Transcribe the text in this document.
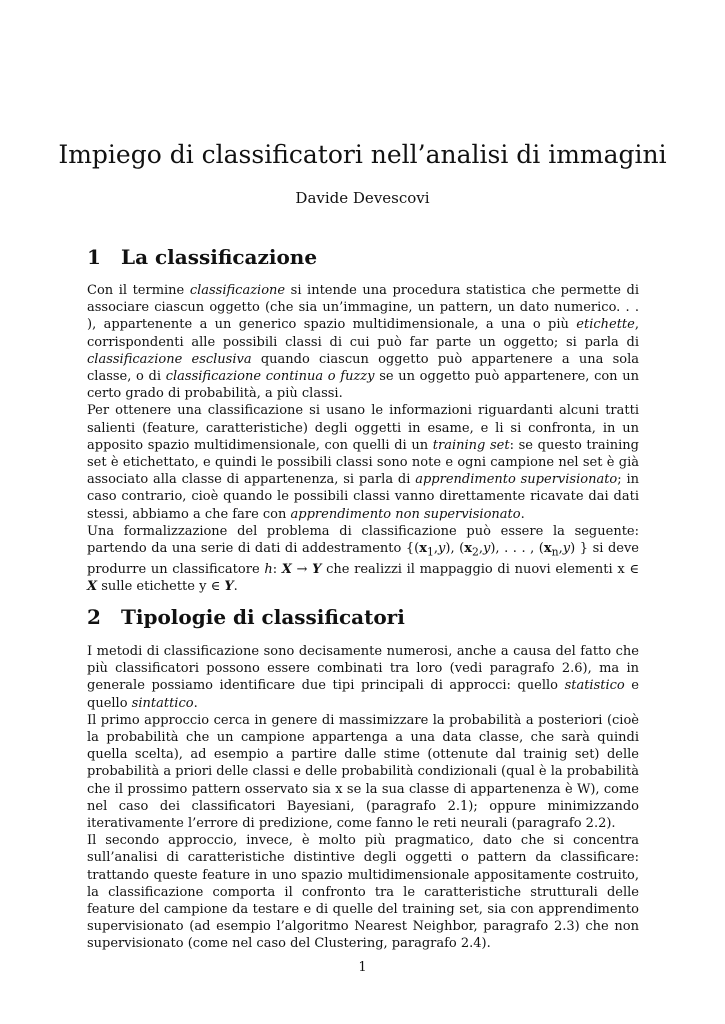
Impiego di classificatori nell’analisi di immagini
Davide Devescovi
1 La classificazione

Con il termine classificazione si intende una procedura statistica che permette di associare ciascun oggetto (che sia un’immagine, un pattern, un dato numerico. . . ), appartenente a un generico spazio multidimensionale, a una o più etichette, corrispondenti alle possibili classi di cui può far parte un oggetto; si parla di classificazione esclusiva quando ciascun oggetto può appartenere a una sola classe, o di classificazione continua o fuzzy se un oggetto può appartenere, con un certo grado di probabilità, a più classi.

Per ottenere una classificazione si usano le informazioni riguardanti alcuni tratti salienti (feature, caratteristiche) degli oggetti in esame, e li si confronta, in un apposito spazio multidimensionale, con quelli di un training set: se questo training set è etichettato, e quindi le possibili classi sono note e ogni campione nel set è già associato alla classe di appartenenza, si parla di apprendimento supervisionato; in caso contrario, cioè quando le possibili classi vanno direttamente ricavate dai dati stessi, abbiamo a che fare con apprendimento non supervisionato.

Una formalizzazione del problema di classificazione può essere la seguente: partendo da una serie di dati di addestramento {$(x_1,y)$, $(x_2,y)$, . . . , $(x_n,y)$ } si deve produrre un classificatore h: X → Y che realizzi il mappaggio di nuovi elementi x ∈ X sulle etichette y ∈ Y.

2 Tipologie di classificatori

I metodi di classificazione sono decisamente numerosi, anche a causa del fatto che più classificatori possono essere combinati tra loro (vedi paragrafo 2.6), ma in generale possiamo identificare due tipi principali di approcci: quello statistico e quello sintattico.

Il primo approccio cerca in genere di massimizzare la probabilità a posteriori (cioè la probabilità che un campione appartenga a una data classe, che sarà quindi quella scelta), ad esempio a partire dalle stime (ottenute dal trainig set) delle probabilità a priori delle classi e delle probabilità condizionali (qual è la probabilità che il prossimo pattern osservato sia x se la sua classe di appartenenza è W), come nel caso dei classificatori Bayesiani, (paragrafo 2.1); oppure minimizzando iterativamente l’errore di predizione, come fanno le reti neurali (paragrafo 2.2).

Il secondo approccio, invece, è molto più pragmatico, dato che si concentra sull’analisi di caratteristiche distintive degli oggetti o pattern da classificare: trattando queste feature in uno spazio multidimensionale appositamente costruito, la classificazione comporta il confronto tra le caratteristiche strutturali delle feature del campione da testare e di quelle del training set, sia con apprendimento supervisionato (ad esempio l’algoritmo Nearest Neighbor, paragrafo 2.3) che non supervisionato (come nel caso del Clustering, paragrafo 2.4).

1
